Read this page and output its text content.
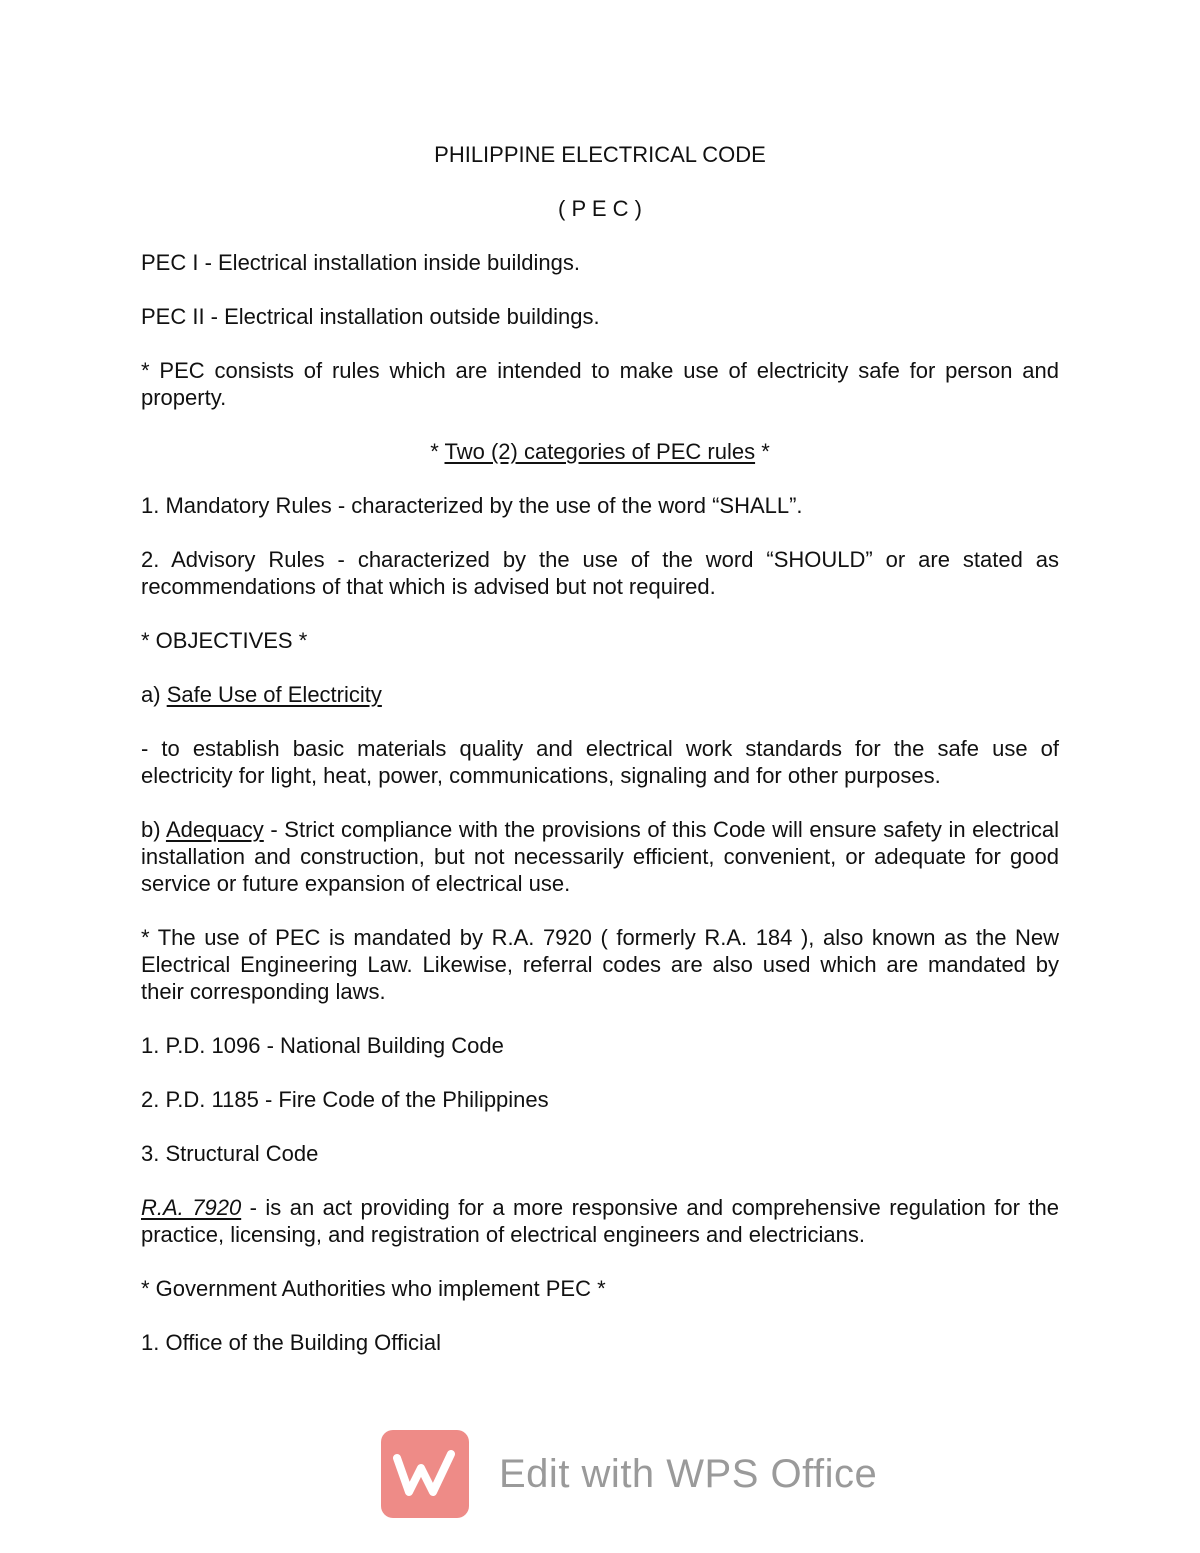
PHILIPPINE ELECTRICAL CODE

( P E C )

PEC I - Electrical installation inside buildings.

PEC II - Electrical installation outside buildings.

* PEC consists of rules which are intended to make use of electricity safe for person and property.

* Two (2) categories of PEC rules *

1. Mandatory Rules - characterized by the use of the word “SHALL”.

2. Advisory Rules - characterized by the use of the word “SHOULD” or are stated as recommendations of that which is advised but not required.

* OBJECTIVES *

a) Safe Use of Electricity

- to establish basic materials quality and electrical work standards for the safe use of electricity for light, heat, power, communications, signaling and for other purposes.

b) Adequacy - Strict compliance with the provisions of this Code will ensure safety in electrical installation and construction, but not necessarily efficient, convenient, or adequate for good service or future expansion of electrical use.

* The use of PEC is mandated by R.A. 7920 ( formerly R.A. 184 ), also known as the New Electrical Engineering Law. Likewise, referral codes are also used which are mandated by their corresponding laws.

1. P.D. 1096 - National Building Code

2. P.D. 1185 - Fire Code of the Philippines

3. Structural Code

R.A. 7920 - is an act providing for a more responsive and comprehensive regulation for the practice, licensing, and registration of electrical engineers and electricians.

* Government Authorities who implement PEC *

1. Office of the Building Official

Edit with WPS Office
